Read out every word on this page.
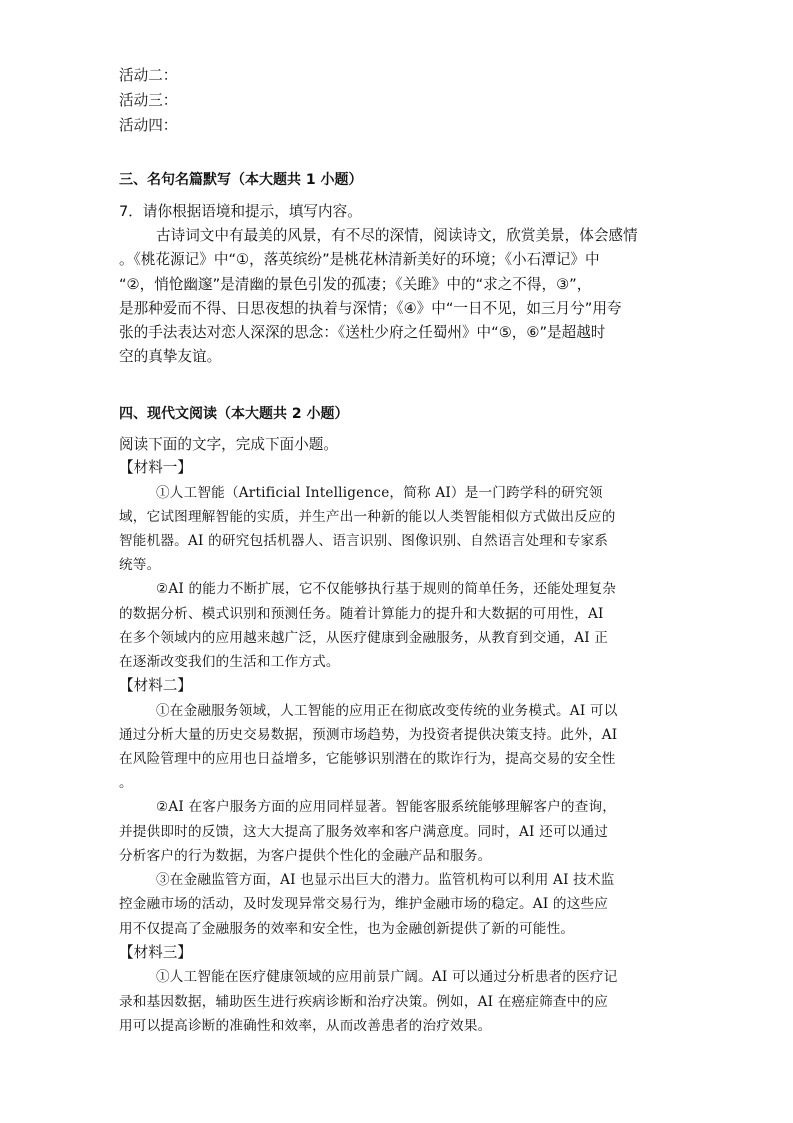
活动二：
活动三：
活动四：
三、名句名篇默写（本大题共 1 小题）
7．请你根据语境和提示，填写内容。
古诗词文中有最美的风景，有不尽的深情，阅读诗文，欣赏美景，体会感情
。《桃花源记》中“①，落英缤纷”是桃花林清新美好的环境；《小石潭记》中
“②，悄怆幽邃”是清幽的景色引发的孤凄；《关雎》中的“求之不得，③”，
是那种爱而不得、日思夜想的执着与深情；《④》中“一日不见，如三月兮”用夸
张的手法表达对恋人深深的思念：《送杜少府之任蜀州》中“⑤，⑥”是超越时
空的真挚友谊。
四、现代文阅读（本大题共 2 小题）
阅读下面的文字，完成下面小题。
【材料一】
①人工智能（Artificial Intelligence，简称 AI）是一门跨学科的研究领
域，它试图理解智能的实质，并生产出一种新的能以人类智能相似方式做出反应的
智能机器。AI 的研究包括机器人、语言识别、图像识别、自然语言处理和专家系
统等。
②AI 的能力不断扩展，它不仅能够执行基于规则的简单任务，还能处理复杂
的数据分析、模式识别和预测任务。随着计算能力的提升和大数据的可用性，AI
在多个领域内的应用越来越广泛，从医疗健康到金融服务，从教育到交通，AI 正
在逐渐改变我们的生活和工作方式。
【材料二】
①在金融服务领域，人工智能的应用正在彻底改变传统的业务模式。AI 可以
通过分析大量的历史交易数据，预测市场趋势，为投资者提供决策支持。此外，AI
在风险管理中的应用也日益增多，它能够识别潜在的欺诈行为，提高交易的安全性
。
②AI 在客户服务方面的应用同样显著。智能客服系统能够理解客户的查询，
并提供即时的反馈，这大大提高了服务效率和客户满意度。同时，AI 还可以通过
分析客户的行为数据，为客户提供个性化的金融产品和服务。
③在金融监管方面，AI 也显示出巨大的潜力。监管机构可以利用 AI 技术监
控金融市场的活动，及时发现异常交易行为，维护金融市场的稳定。AI 的这些应
用不仅提高了金融服务的效率和安全性，也为金融创新提供了新的可能性。
【材料三】
①人工智能在医疗健康领域的应用前景广阔。AI 可以通过分析患者的医疗记
录和基因数据，辅助医生进行疾病诊断和治疗决策。例如，AI 在癌症筛查中的应
用可以提高诊断的准确性和效率，从而改善患者的治疗效果。
